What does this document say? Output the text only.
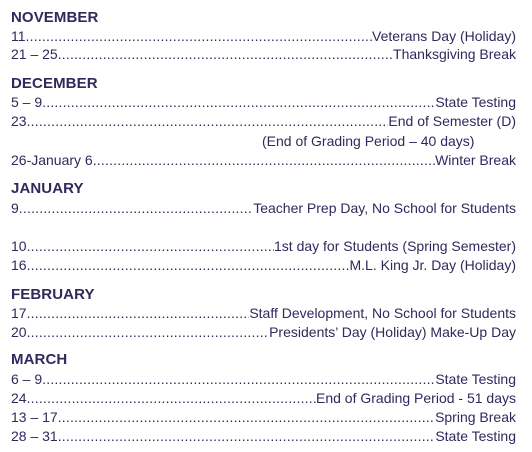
NOVEMBER
11 .....	Veterans Day (Holiday)
21 – 25 .....	Thanksgiving Break
DECEMBER
5 – 9 .....	State Testing
23 .....	End of Semester (D)
(End of Grading Period – 40 days)
26-January 6 .....	Winter Break
JANUARY
9 .....	Teacher Prep Day, No School for Students
10 .....	1st day for Students (Spring Semester)
16 .....	M.L. King Jr. Day (Holiday)
FEBRUARY
17 .....	Staff Development, No School for Students
20 .....	Presidents’ Day (Holiday) Make-Up Day
MARCH
6 – 9 .....	State Testing
24 .....	End of Grading Period - 51 days
13 – 17 .....	Spring Break
28 – 31 .....	State Testing
